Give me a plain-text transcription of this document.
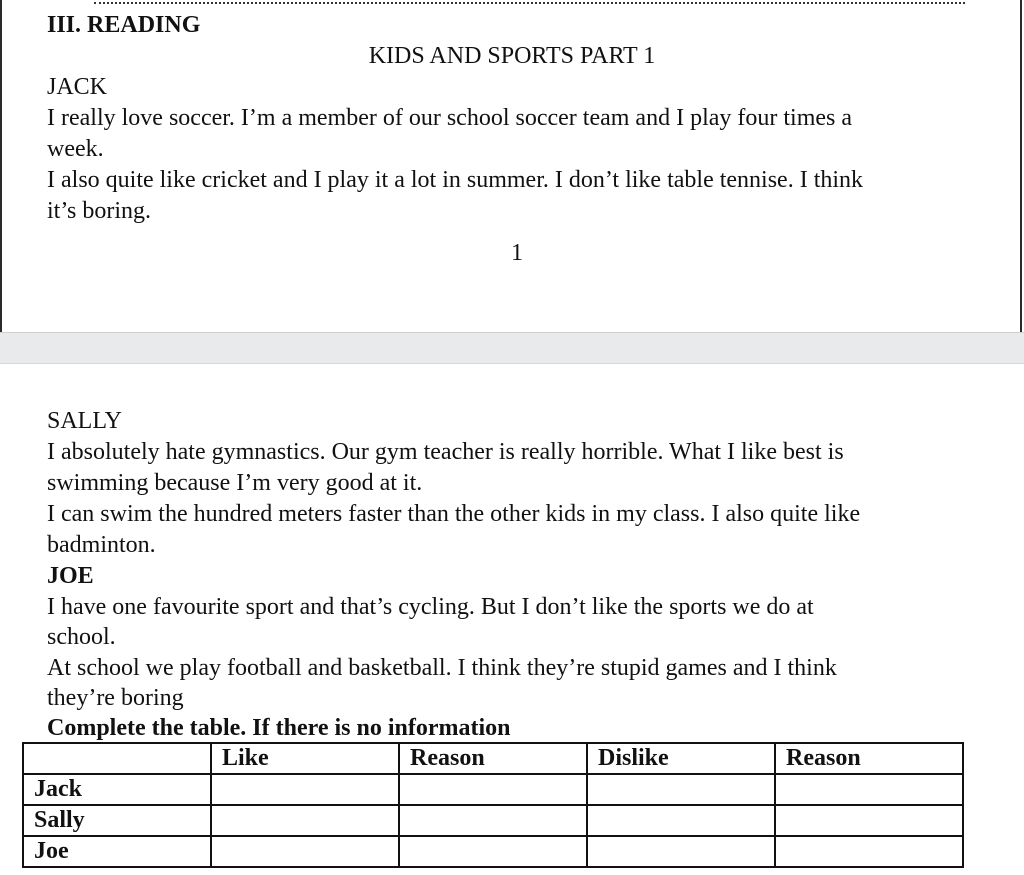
III. READING
KIDS AND SPORTS PART 1
JACK
I really love soccer. I’m a member of our school soccer team and I play four times a
week.
I also quite like cricket and I play it a lot in summer. I don’t like table tennise. I think
it’s boring.
1
SALLY
I absolutely hate gymnastics. Our gym teacher is really horrible. What I like best is
swimming because I’m very good at it.
I can swim the hundred meters faster than the other kids in my class. I also quite like
badminton.
JOE
I have one favourite sport and that’s cycling. But I don’t like the sports we do at
school.
At school we play football and basketball. I think they’re stupid games and I think
they’re boring
Complete the table. If there is no information
	Like	Reason	Dislike	Reason
Jack				
Sally				
Joe				
